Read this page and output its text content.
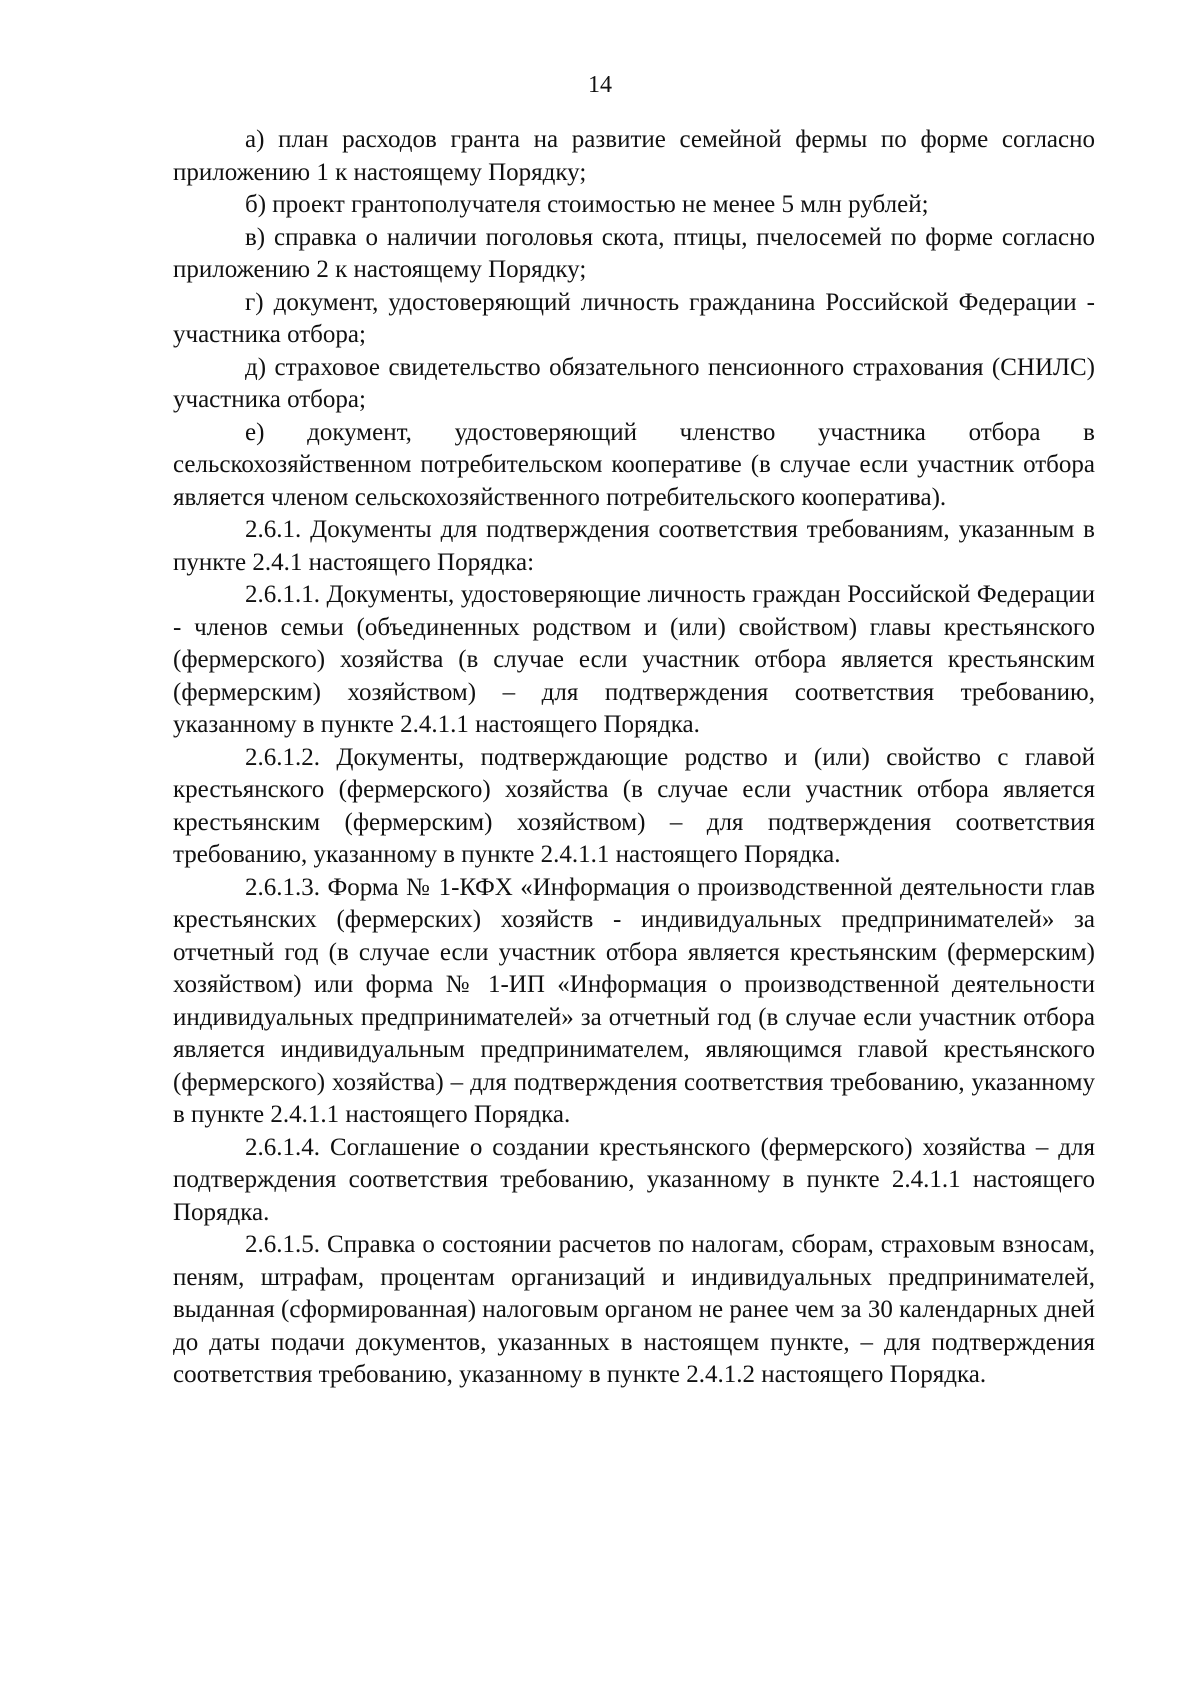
14

а) план расходов гранта на развитие семейной фермы по форме согласно приложению 1 к настоящему Порядку;

б) проект грантополучателя стоимостью не менее 5 млн рублей;

в) справка о наличии поголовья скота, птицы, пчелосемей по форме согласно приложению 2 к настоящему Порядку;

г) документ, удостоверяющий личность гражданина Российской Федерации - участника отбора;

д) страховое свидетельство обязательного пенсионного страхования (СНИЛС) участника отбора;

е) документ, удостоверяющий членство участника отбора в сельскохозяйственном потребительском кооперативе (в случае если участник отбора является членом сельскохозяйственного потребительского кооператива).

2.6.1. Документы для подтверждения соответствия требованиям, указанным в пункте 2.4.1 настоящего Порядка:

2.6.1.1. Документы, удостоверяющие личность граждан Российской Федерации - членов семьи (объединенных родством и (или) свойством) главы крестьянского (фермерского) хозяйства (в случае если участник отбора является крестьянским (фермерским) хозяйством) – для подтверждения соответствия требованию, указанному в пункте 2.4.1.1 настоящего Порядка.

2.6.1.2. Документы, подтверждающие родство и (или) свойство с главой крестьянского (фермерского) хозяйства (в случае если участник отбора является крестьянским (фермерским) хозяйством) – для подтверждения соответствия требованию, указанному в пункте 2.4.1.1 настоящего Порядка.

2.6.1.3. Форма № 1-КФХ «Информация о производственной деятельности глав крестьянских (фермерских) хозяйств - индивидуальных предпринимателей» за отчетный год (в случае если участник отбора является крестьянским (фермерским) хозяйством) или форма № 1-ИП «Информация о производственной деятельности индивидуальных предпринимателей» за отчетный год (в случае если участник отбора является индивидуальным предпринимателем, являющимся главой крестьянского (фермерского) хозяйства) – для подтверждения соответствия требованию, указанному в пункте 2.4.1.1 настоящего Порядка.

2.6.1.4. Соглашение о создании крестьянского (фермерского) хозяйства – для подтверждения соответствия требованию, указанному в пункте 2.4.1.1 настоящего Порядка.

2.6.1.5. Справка о состоянии расчетов по налогам, сборам, страховым взносам, пеням, штрафам, процентам организаций и индивидуальных предпринимателей, выданная (сформированная) налоговым органом не ранее чем за 30 календарных дней до даты подачи документов, указанных в настоящем пункте, – для подтверждения соответствия требованию, указанному в пункте 2.4.1.2 настоящего Порядка.
